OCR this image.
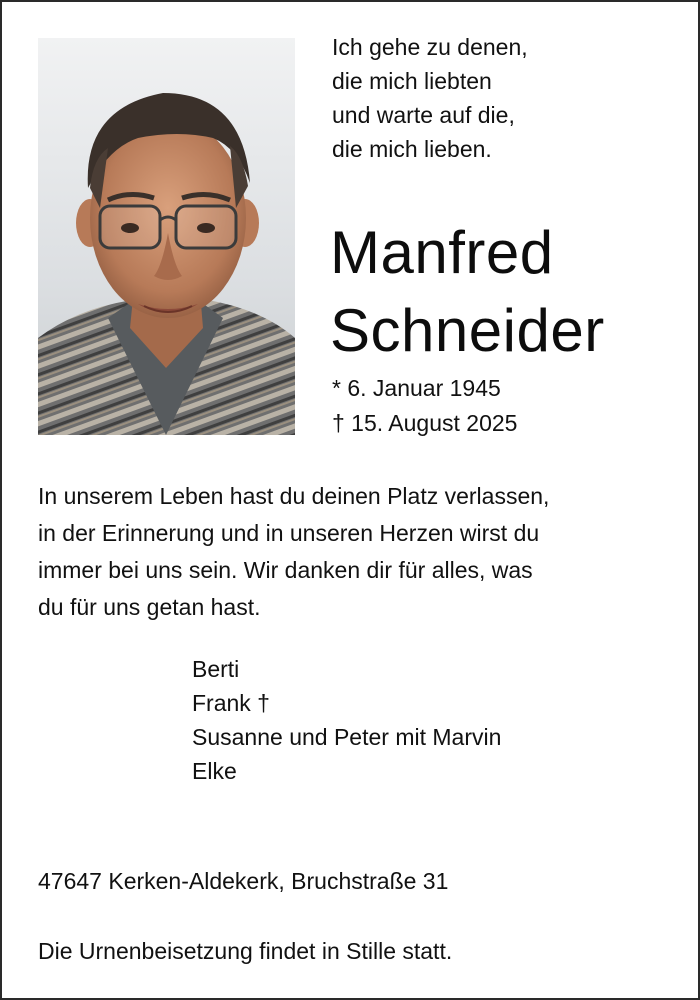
Ich gehe zu denen,
die mich liebten
und warte auf die,
die mich lieben.
Manfred
Schneider
* 6. Januar 1945
† 15. August 2025
In unserem Leben hast du deinen Platz verlassen,
in der Erinnerung und in unseren Herzen wirst du
immer bei uns sein. Wir danken dir für alles, was
du für uns getan hast.
Berti
Frank †
Susanne und Peter mit Marvin
Elke
47647 Kerken-Aldekerk, Bruchstraße 31
Die Urnenbeisetzung findet in Stille statt.
